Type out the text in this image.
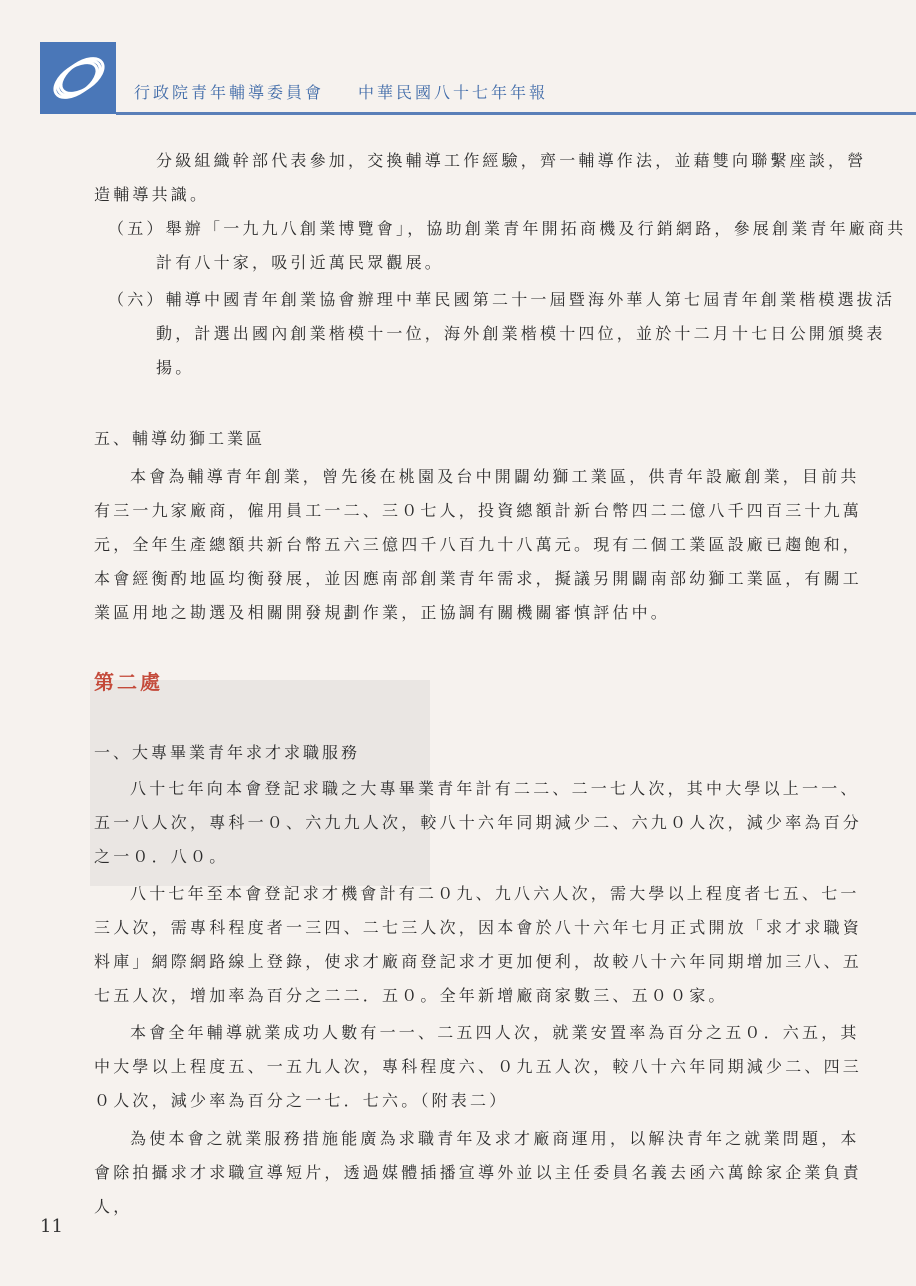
行政院青年輔導委員會 中華民國八十七年年報

分級組織幹部代表參加，交換輔導工作經驗，齊一輔導作法，並藉雙向聯繫座談，營造輔導共識。

（五）舉辦「一九九八創業博覽會」，協助創業青年開拓商機及行銷網路，參展創業青年廠商共計有八十家，吸引近萬民眾觀展。

（六）輔導中國青年創業協會辦理中華民國第二十一屆暨海外華人第七屆青年創業楷模選拔活動，計選出國內創業楷模十一位，海外創業楷模十四位，並於十二月十七日公開頒獎表揚。

五、輔導幼獅工業區

本會為輔導青年創業，曾先後在桃園及台中開闢幼獅工業區，供青年設廠創業，目前共有三一九家廠商，僱用員工一二、三０七人，投資總額計新台幣四二二億八千四百三十九萬元，全年生產總額共新台幣五六三億四千八百九十八萬元。現有二個工業區設廠已趨飽和，本會經衡酌地區均衡發展，並因應南部創業青年需求，擬議另開闢南部幼獅工業區，有關工業區用地之勘選及相關開發規劃作業，正協調有關機關審慎評估中。

第二處

一、大專畢業青年求才求職服務

八十七年向本會登記求職之大專畢業青年計有二二、二一七人次，其中大學以上一一、五一八人次，專科一０、六九九人次，較八十六年同期減少二、六九０人次，減少率為百分之一０．八０。

八十七年至本會登記求才機會計有二０九、九八六人次，需大學以上程度者七五、七一三人次，需專科程度者一三四、二七三人次，因本會於八十六年七月正式開放「求才求職資料庫」網際網路線上登錄，使求才廠商登記求才更加便利，故較八十六年同期增加三八、五七五人次，增加率為百分之二二．五０。全年新增廠商家數三、五００家。

本會全年輔導就業成功人數有一一、二五四人次，就業安置率為百分之五０．六五，其中大學以上程度五、一五九人次，專科程度六、０九五人次，較八十六年同期減少二、四三０人次，減少率為百分之一七．七六。（附表二）

為使本會之就業服務措施能廣為求職青年及求才廠商運用，以解決青年之就業問題，本會除拍攝求才求職宣導短片，透過媒體插播宣導外並以主任委員名義去函六萬餘家企業負責人，

11
